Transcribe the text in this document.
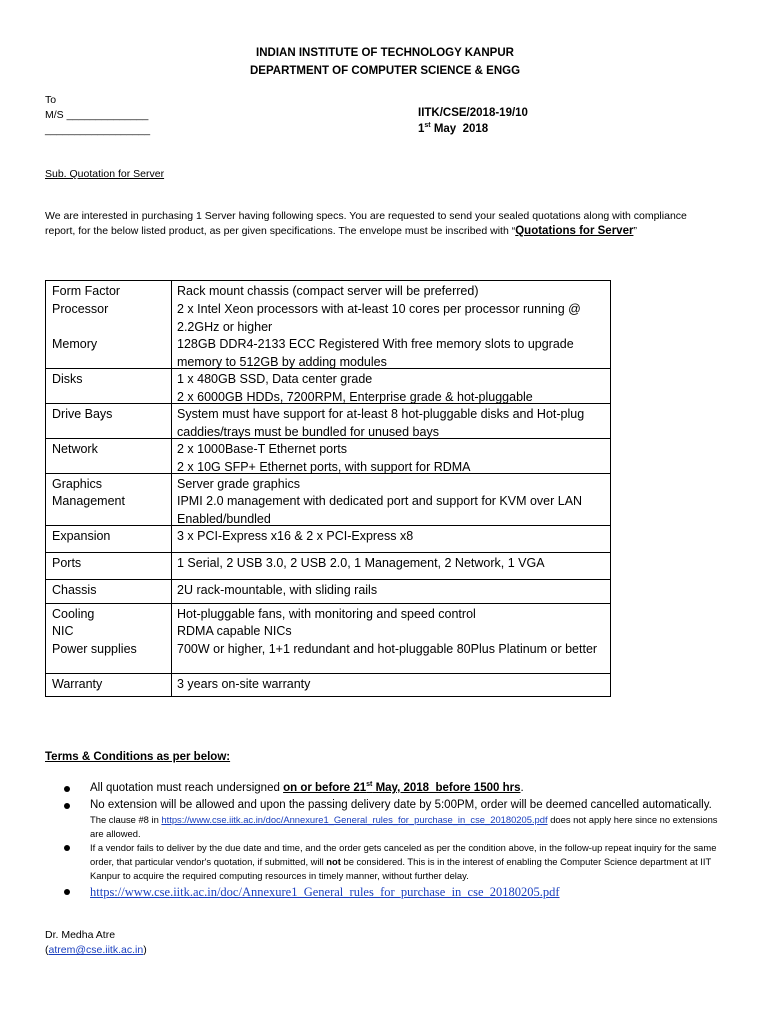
INDIAN INSTITUTE OF TECHNOLOGY KANPUR
DEPARTMENT OF COMPUTER SCIENCE & ENGG
To
M/S ______________
__________________
IITK/CSE/2018-19/10
1st May  2018
Sub. Quotation for Server
We are interested in purchasing 1 Server having following specs. You are requested to send your sealed quotations along with compliance report, for the below listed product, as per given specifications. The envelope must be inscribed with “Quotations for Server”
Form Factor	Rack mount chassis (compact server will be preferred)
Processor	2 x Intel Xeon processors with at-least 10 cores per processor running @ 2.2GHz or higher
Memory	128GB DDR4-2133 ECC Registered With free memory slots to upgrade memory to 512GB by adding modules
Disks	1 x 480GB SSD, Data center grade
2 x 6000GB HDDs, 7200RPM, Enterprise grade & hot-pluggable
Drive Bays	System must have support for at-least 8 hot-pluggable disks and Hot-plug caddies/trays must be bundled for unused bays
Network	2 x 1000Base-T Ethernet ports
2 x 10G SFP+ Ethernet ports, with support for RDMA
Graphics	Server grade graphics
Management	IPMI 2.0 management with dedicated port and support for KVM over LAN Enabled/bundled
Expansion	3 x PCI-Express x16 & 2 x PCI-Express x8
Ports	1 Serial, 2 USB 3.0, 2 USB 2.0, 1 Management, 2 Network, 1 VGA
Chassis	2U rack-mountable, with sliding rails
Cooling	Hot-pluggable fans, with monitoring and speed control
NIC	RDMA capable NICs
Power supplies	700W or higher, 1+1 redundant and hot-pluggable 80Plus Platinum or better
Warranty	3 years on-site warranty
Terms & Conditions as per below:
All quotation must reach undersigned on or before 21st May, 2018  before 1500 hrs.
No extension will be allowed and upon the passing delivery date by 5:00PM, order will be deemed cancelled automatically.
The clause #8 in https://www.cse.iitk.ac.in/doc/Annexure1_General_rules_for_purchase_in_cse_20180205.pdf does not apply here since no extensions are allowed.
If a vendor fails to deliver by the due date and time, and the order gets canceled as per the condition above, in the follow-up repeat inquiry for the same order, that particular vendor's quotation, if submitted, will not be considered. This is in the interest of enabling the Computer Science department at IIT Kanpur to acquire the required computing resources in timely manner, without further delay.
https://www.cse.iitk.ac.in/doc/Annexure1_General_rules_for_purchase_in_cse_20180205.pdf
Dr. Medha Atre
(atrem@cse.iitk.ac.in)
